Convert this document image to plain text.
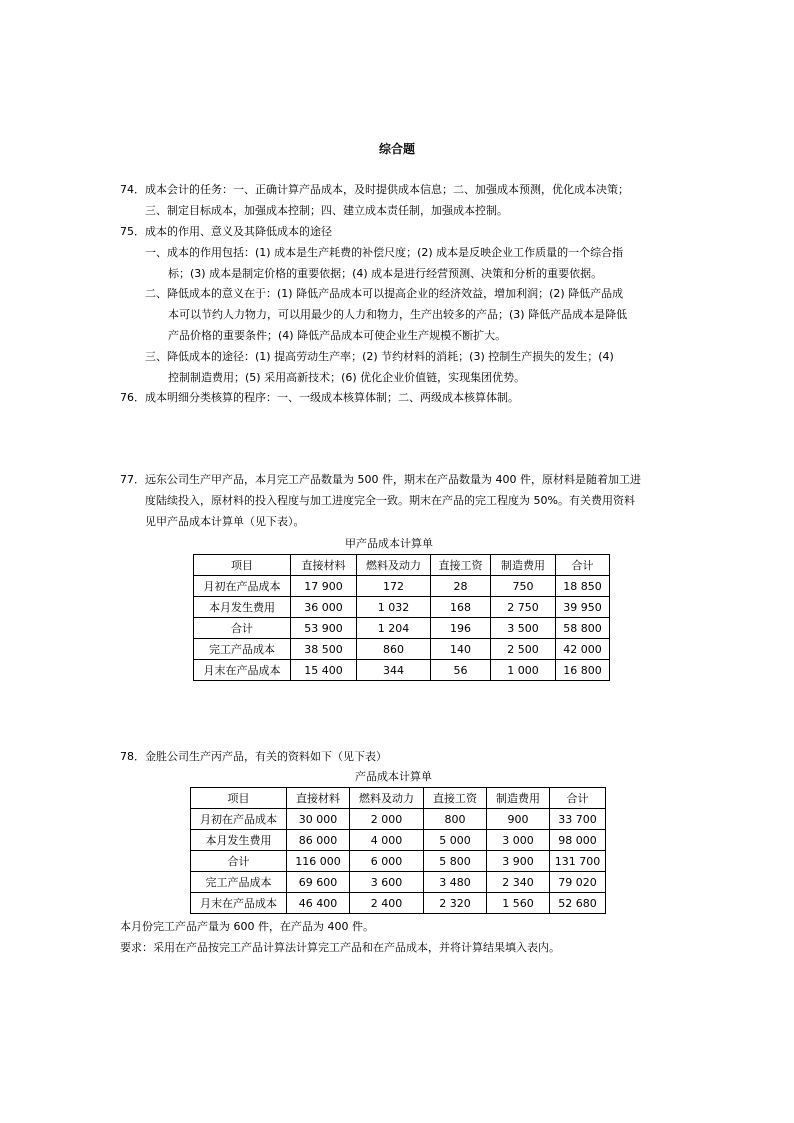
综合题
74．成本会计的任务：一、正确计算产品成本，及时提供成本信息；二、加强成本预测，优化成本决策；
三、制定目标成本，加强成本控制；四、建立成本责任制，加强成本控制。
75．成本的作用、意义及其降低成本的途径
一、成本的作用包括：(1) 成本是生产耗费的补偿尺度；(2) 成本是反映企业工作质量的一个综合指
标；(3) 成本是制定价格的重要依据；(4) 成本是进行经营预测、决策和分析的重要依据。
二、降低成本的意义在于：(1) 降低产品成本可以提高企业的经济效益，增加利润；(2) 降低产品成
本可以节约人力物力，可以用最少的人力和物力，生产出较多的产品；(3) 降低产品成本是降低
产品价格的重要条件；(4) 降低产品成本可使企业生产规模不断扩大。
三、降低成本的途径：(1) 提高劳动生产率；(2) 节约材料的消耗；(3) 控制生产损失的发生；(4)
控制制造费用；(5) 采用高新技术；(6) 优化企业价值链，实现集团优势。
76．成本明细分类核算的程序：一、一级成本核算体制；二、两级成本核算体制。
77．远东公司生产甲产品，本月完工产品数量为 500 件，期末在产品数量为 400 件，原材料是随着加工进
度陆续投入，原材料的投入程度与加工进度完全一致。期末在产品的完工程度为 50%。有关费用资料
见甲产品成本计算单（见下表）。
甲产品成本计算单
项目	直接材料	燃料及动力	直接工资	制造费用	合计
月初在产品成本	17 900	172	28	750	18 850
本月发生费用	36 000	1 032	168	2 750	39 950
合计	53 900	1 204	196	3 500	58 800
完工产品成本	38 500	860	140	2 500	42 000
月末在产品成本	15 400	344	56	1 000	16 800
78．金胜公司生产丙产品，有关的资料如下（见下表）
产品成本计算单
项目	直接材料	燃料及动力	直接工资	制造费用	合计
月初在产品成本	30 000	2 000	800	900	33 700
本月发生费用	86 000	4 000	5 000	3 000	98 000
合计	116 000	6 000	5 800	3 900	131 700
完工产品成本	69 600	3 600	3 480	2 340	79 020
月末在产品成本	46 400	2 400	2 320	1 560	52 680
本月份完工产品产量为 600 件，在产品为 400 件。
要求：采用在产品按完工产品计算法计算完工产品和在产品成本，并将计算结果填入表内。
